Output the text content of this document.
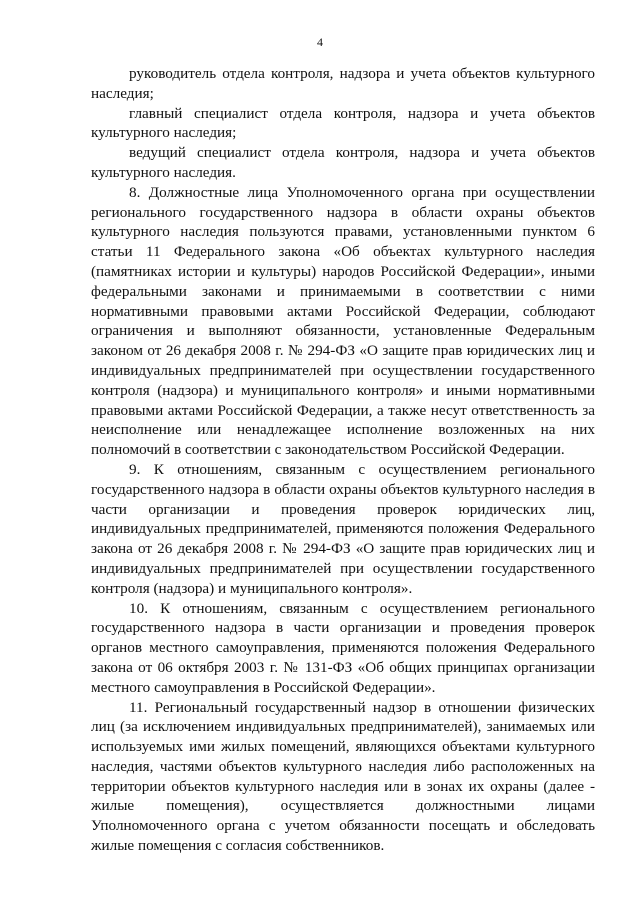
4

руководитель отдела контроля, надзора и учета объектов культурного наследия;

главный специалист отдела контроля, надзора и учета объектов культурного наследия;

ведущий специалист отдела контроля, надзора и учета объектов культурного наследия.

8. Должностные лица Уполномоченного органа при осуществлении регионального государственного надзора в области охраны объектов культурного наследия пользуются правами, установленными пунктом 6 статьи 11 Федерального закона «Об объектах культурного наследия (памятниках истории и культуры) народов Российской Федерации», иными федеральными законами и принимаемыми в соответствии с ними нормативными правовыми актами Российской Федерации, соблюдают ограничения и выполняют обязанности, установленные Федеральным законом от 26 декабря 2008 г. № 294-ФЗ «О защите прав юридических лиц и индивидуальных предпринимателей при осуществлении государственного контроля (надзора) и муниципального контроля» и иными нормативными правовыми актами Российской Федерации, а также несут ответственность за неисполнение или ненадлежащее исполнение возложенных на них полномочий в соответствии с законодательством Российской Федерации.

9. К отношениям, связанным с осуществлением регионального государственного надзора в области охраны объектов культурного наследия в части организации и проведения проверок юридических лиц, индивидуальных предпринимателей, применяются положения Федерального закона от 26 декабря 2008 г. № 294-ФЗ «О защите прав юридических лиц и индивидуальных предпринимателей при осуществлении государственного контроля (надзора) и муниципального контроля».

10. К отношениям, связанным с осуществлением регионального государственного надзора в части организации и проведения проверок органов местного самоуправления, применяются положения Федерального закона от 06 октября 2003 г. № 131-ФЗ «Об общих принципах организации местного самоуправления в Российской Федерации».

11. Региональный государственный надзор в отношении физических лиц (за исключением индивидуальных предпринимателей), занимаемых или используемых ими жилых помещений, являющихся объектами культурного наследия, частями объектов культурного наследия либо расположенных на территории объектов культурного наследия или в зонах их охраны (далее - жилые помещения), осуществляется должностными лицами Уполномоченного органа с учетом обязанности посещать и обследовать жилые помещения с согласия собственников.
